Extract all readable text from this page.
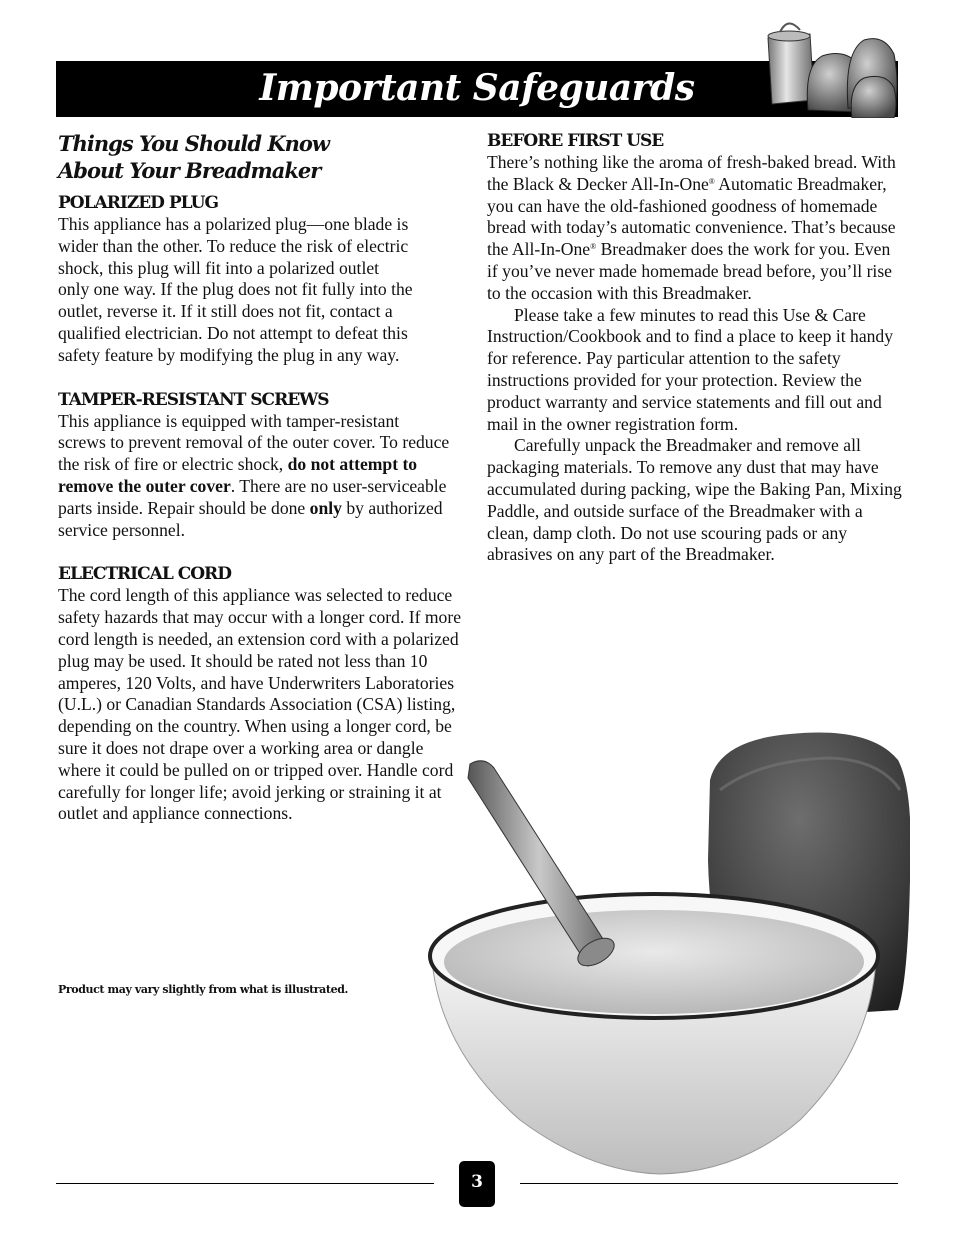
Important Safeguards
Things You Should Know
About Your Breadmaker

POLARIZED PLUG

This appliance has a polarized plug—one blade is wider than the other. To reduce the risk of electric shock, this plug will fit into a polarized outlet only one way. If the plug does not fit fully into the outlet, reverse it. If it still does not fit, contact a qualified electrician. Do not attempt to defeat this safety feature by modifying the plug in any way.

TAMPER-RESISTANT SCREWS

This appliance is equipped with tamper-resistant screws to prevent removal of the outer cover. To reduce the risk of fire or electric shock, do not attempt to remove the outer cover. There are no user-serviceable parts inside. Repair should be done only by authorized service personnel.

ELECTRICAL CORD

The cord length of this appliance was selected to reduce safety hazards that may occur with a longer cord. If more cord length is needed, an extension cord with a polarized plug may be used. It should be rated not less than 10 amperes, 120 Volts, and have Underwriters Laboratories (U.L.) or Canadian Standards Association (CSA) listing, depending on the country. When using a longer cord, be sure it does not drape over a working area or dangle where it could be pulled on or tripped over. Handle cord carefully for longer life; avoid jerking or straining it at outlet and appliance connections.

BEFORE FIRST USE

There’s nothing like the aroma of fresh-baked bread. With the Black & Decker All-In-One® Automatic Breadmaker, you can have the old-fashioned goodness of homemade bread with today’s automatic convenience. That’s because the All-In-One® Breadmaker does the work for you. Even if you’ve never made homemade bread before, you’ll rise to the occasion with this Breadmaker.

Please take a few minutes to read this Use & Care Instruction/Cookbook and to find a place to keep it handy for reference. Pay particular attention to the safety instructions provided for your protection. Review the product warranty and service statements and fill out and mail in the owner registration form.

Carefully unpack the Breadmaker and remove all packaging materials. To remove any dust that may have accumulated during packing, wipe the Baking Pan, Mixing Paddle, and outside surface of the Breadmaker with a clean, damp cloth. Do not use scouring pads or any abrasives on any part of the Breadmaker.

Product may vary slightly from what is illustrated.
3
